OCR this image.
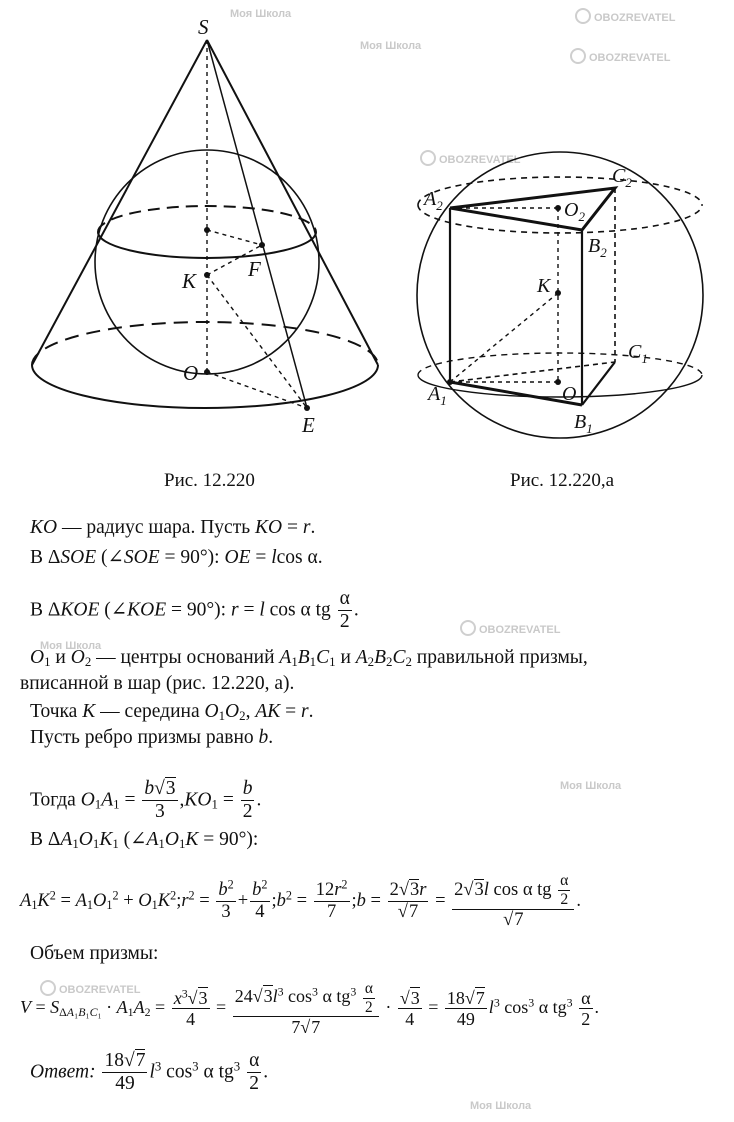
Моя Школа	OBOZREVATEL
OBOZREVATEL
Моя Школа
OBOZREVATEL
Моя Школа
OBOZREVATEL
Моя Школа
OBOZREVATEL
Моя Школа
S
K F
O
E
Рис. 12.220
$A_2$
$C_2$
$O_2$
$B_2$
K
$C_1$
$A_1$	O
$B_1$
Рис. 12.220,а
KO — радиус шара. Пусть KO = r.
В ΔSOE (∠SOE = 90°): OE = lcos α.
В ΔKOE (∠KOE = 90°): r = l cos α tg $\frac{\alpha}{2}$ .
$O_1$ и $O_2$ — центры оснований $A_1B_1C_1$ и $A_2B_2C_2$ правильной призмы,
вписанной в шар (рис. 12.220, а).
Точка K — середина $O_1O_2$, AK = r.
Пусть ребро призмы равно b.
Тогда $O_1A_1 = \frac{b√3}{3} ,KO_1 = \frac{b}{2}$ .
В $\Delta A_1O_1K_1$ $(\angle A_1O_1K = 90^\circ)$:
$A_1K^2 = A_1O_1^2$ + $O_1K^2;r^2 = \frac{b^2}{3} + \frac{b^2}{4}$ $;b^2 = \frac{12r^2}{7}$ ;b = $\frac{2√3r}{√7} = \frac{2√3l \cos \alpha tg \frac{\alpha}{2}}{√7}$ .
Объем призмы:
$V = S_{\Delta A_1B_1C_1} \cdot A_1A_2 = \frac{x^3√3}{4} = \frac{24√3l^3 \cos^3 \alpha tg^3 \frac{\alpha}{2}}{7√7} \cdot \frac{√3}{4} = \frac{18√7}{49} l^3$ $\cos^3 \alpha$ $tg^3 \frac{\alpha}{2}$ .
Ответ: $\frac{18√7}{49} l^3$ $\cos^3 \alpha$ $tg^3 \frac{\alpha}{2}$ .
